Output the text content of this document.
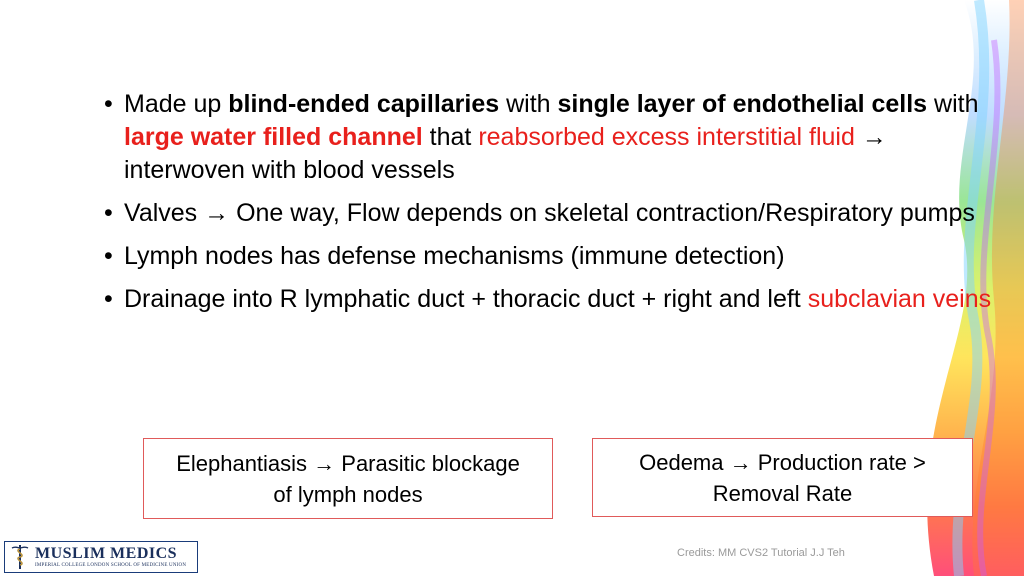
• Made up blind-ended capillaries with single layer of endothelial cells with large water filled channel that reabsorbed excess interstitial fluid → interwoven with blood vessels
• Valves → One way, Flow depends on skeletal contraction/Respiratory pumps
• Lymph nodes has defense mechanisms (immune detection)
• Drainage into R lymphatic duct + thoracic duct + right and left subclavian veins
Elephantiasis → Parasitic blockage
of lymph nodes
Oedema → Production rate >
Removal Rate
MUSLIM MEDICS
IMPERIAL COLLEGE LONDON SCHOOL OF MEDICINE UNION
Credits: MM CVS2 Tutorial J.J Teh
